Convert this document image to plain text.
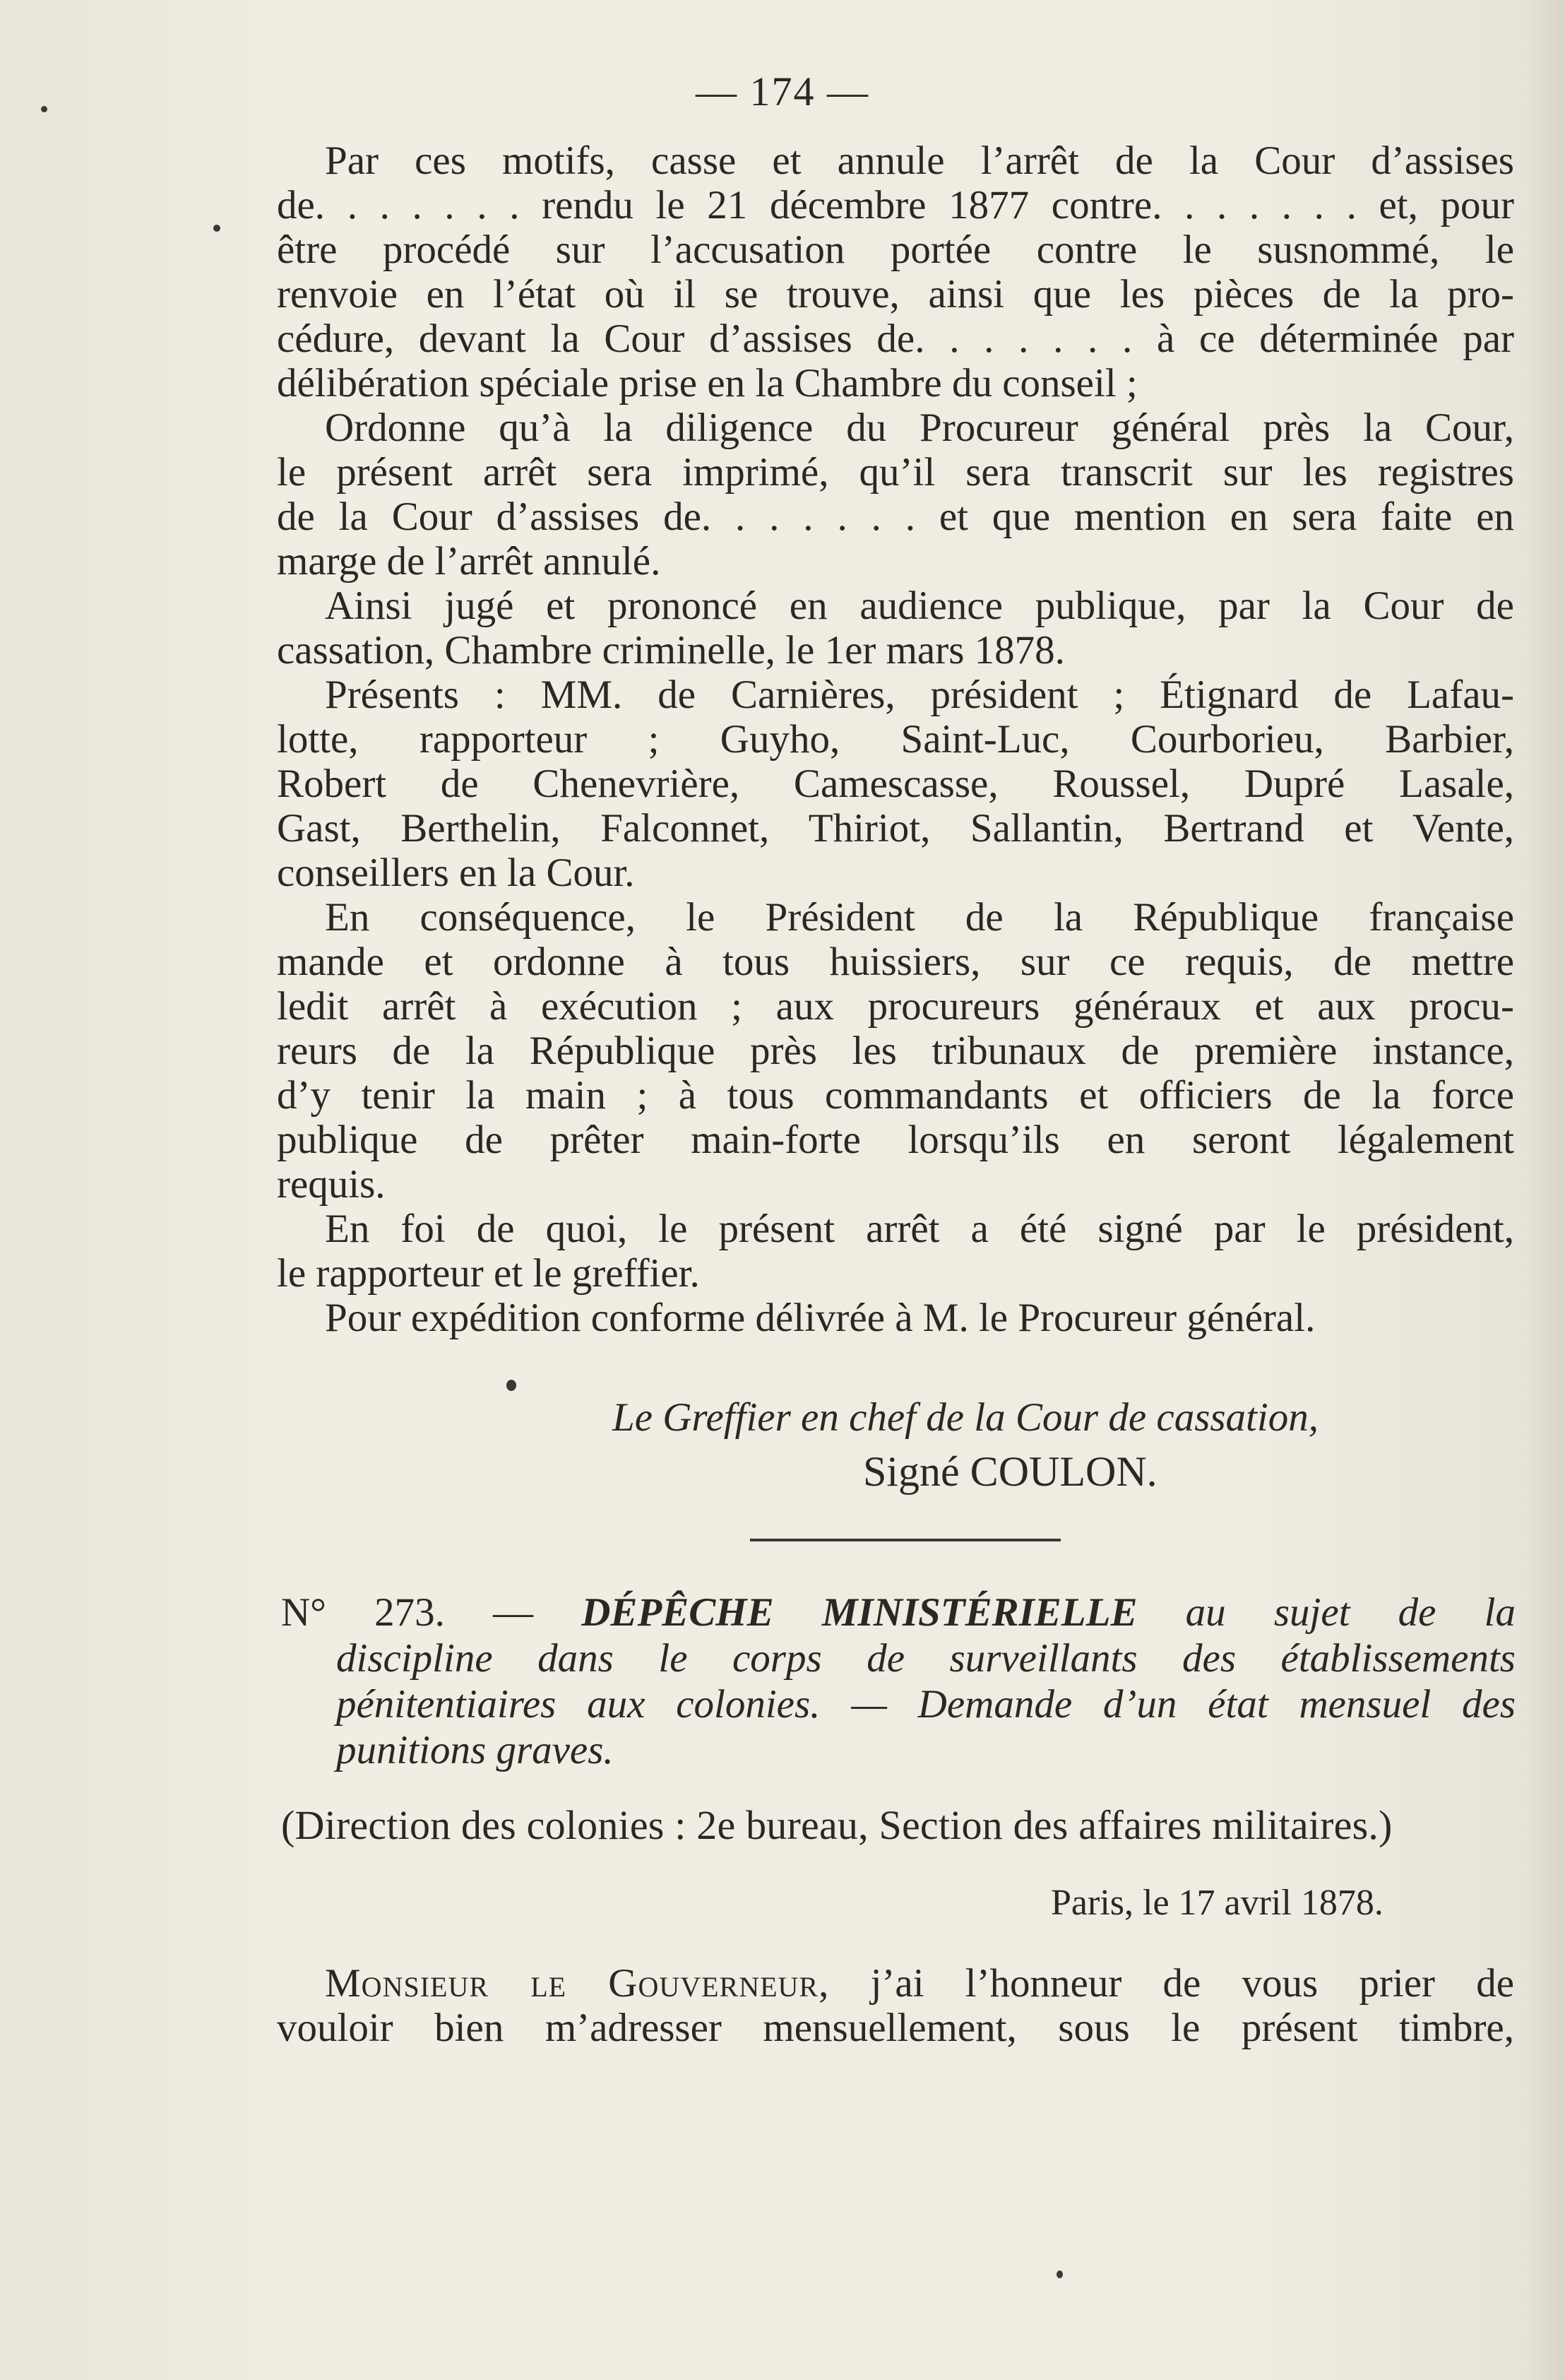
— 174 —
Par ces motifs, casse et annule l’arrêt de la Cour d’assises
de. . . . . . . rendu le 21 décembre 1877 contre. . . . . . . et, pour
être procédé sur l’accusation portée contre le susnommé, le
renvoie en l’état où il se trouve, ainsi que les pièces de la pro-
cédure, devant la Cour d’assises de. . . . . . . à ce déterminée par
délibération spéciale prise en la Chambre du conseil ;
Ordonne qu’à la diligence du Procureur général près la Cour,
le présent arrêt sera imprimé, qu’il sera transcrit sur les registres
de la Cour d’assises de. . . . . . . et que mention en sera faite en
marge de l’arrêt annulé.
Ainsi jugé et prononcé en audience publique, par la Cour de
cassation, Chambre criminelle, le 1er mars 1878.
Présents : MM. de Carnières, président ; Étignard de Lafau-
lotte, rapporteur ; Guyho, Saint-Luc, Courborieu, Barbier,
Robert de Chenevrière, Camescasse, Roussel, Dupré Lasale,
Gast, Berthelin, Falconnet, Thiriot, Sallantin, Bertrand et Vente,
conseillers en la Cour.
En conséquence, le Président de la République française
mande et ordonne à tous huissiers, sur ce requis, de mettre
ledit arrêt à exécution ; aux procureurs généraux et aux procu-
reurs de la République près les tribunaux de première instance,
d’y tenir la main ; à tous commandants et officiers de la force
publique de prêter main-forte lorsqu’ils en seront légalement
requis.
En foi de quoi, le présent arrêt a été signé par le président,
le rapporteur et le greffier.
Pour expédition conforme délivrée à M. le Procureur général.
Le Greffier en chef de la Cour de cassation,
Signé COULON.
N° 273. — DÉPÊCHE MINISTÉRIELLE au sujet de la
discipline dans le corps de surveillants des établissements
pénitentiaires aux colonies. — Demande d’un état mensuel des
punitions graves.
(Direction des colonies : 2e bureau, Section des affaires militaires.)
Paris, le 17 avril 1878.
Monsieur le Gouverneur, j’ai l’honneur de vous prier de
vouloir bien m’adresser mensuellement, sous le présent timbre,
